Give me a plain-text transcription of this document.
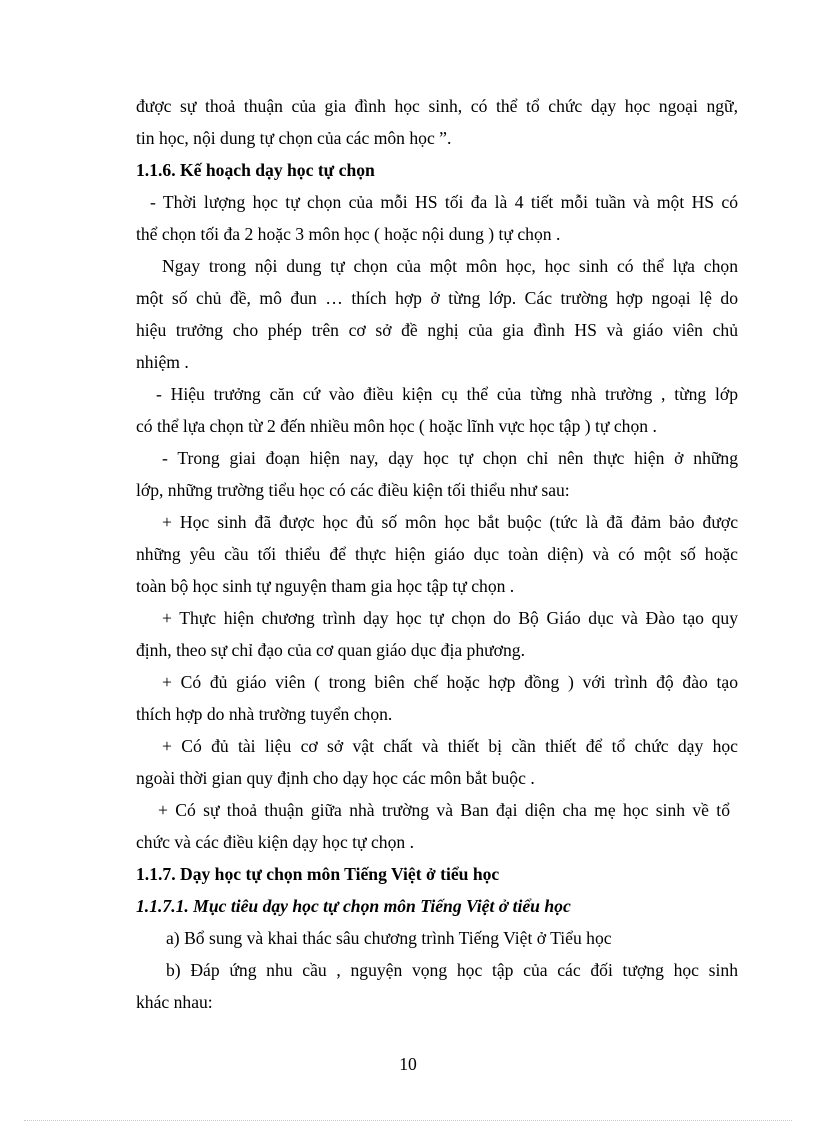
được sự thoả thuận của gia đình học sinh, có thể tổ chức dạy học ngoại ngữ,
tin học, nội dung tự chọn của các môn học ”.
1.1.6. Kế hoạch dạy học tự chọn
- Thời lượng học tự chọn của mỗi HS tối đa là 4 tiết mỗi tuần và một HS có
thể chọn tối đa 2 hoặc 3 môn học ( hoặc nội dung ) tự chọn .
Ngay trong nội dung tự chọn của một môn học, học sinh có thể lựa chọn
một số chủ đề, mô đun … thích hợp ở từng lớp. Các trường hợp ngoại lệ do
hiệu trưởng cho phép trên cơ sở đề nghị của gia đình HS và giáo viên chủ
nhiệm .
- Hiệu trưởng căn cứ vào điều kiện cụ thể của từng nhà trường , từng lớp
có thể lựa chọn từ 2 đến nhiều môn học ( hoặc lĩnh vực học tập ) tự chọn .
- Trong giai đoạn hiện nay, dạy học tự chọn chỉ nên thực hiện ở những
lớp, những trường tiểu học có các điều kiện tối thiểu như sau:
+ Học sinh đã được học đủ số môn học bắt buộc (tức là đã đảm bảo được
những yêu cầu tối thiểu để thực hiện giáo dục toàn diện) và có một số hoặc
toàn bộ học sinh tự nguyện tham gia học tập tự chọn .
+ Thực hiện chương trình dạy học tự chọn do Bộ Giáo dục và Đào tạo quy
định, theo sự chỉ đạo của cơ quan giáo dục địa phương.
+ Có đủ giáo viên ( trong biên chế hoặc hợp đồng ) với trình độ đào tạo
thích hợp do nhà trường tuyển chọn.
+ Có đủ tài liệu cơ sở vật chất và thiết bị cần thiết để tổ chức dạy học
ngoài thời gian quy định cho dạy học các môn bắt buộc .
+ Có sự thoả thuận giữa nhà trường và Ban đại diện cha mẹ học sinh về tổ
chức và các điều kiện dạy học tự chọn .
1.1.7. Dạy học tự chọn môn Tiếng Việt ở tiểu học
1.1.7.1. Mục tiêu dạy học tự chọn môn Tiếng Việt ở tiểu học
a) Bổ sung và khai thác sâu chương trình Tiếng Việt ở Tiểu học
b) Đáp ứng nhu cầu , nguyện vọng học tập của các đối tượng học sinh
khác nhau:
10
